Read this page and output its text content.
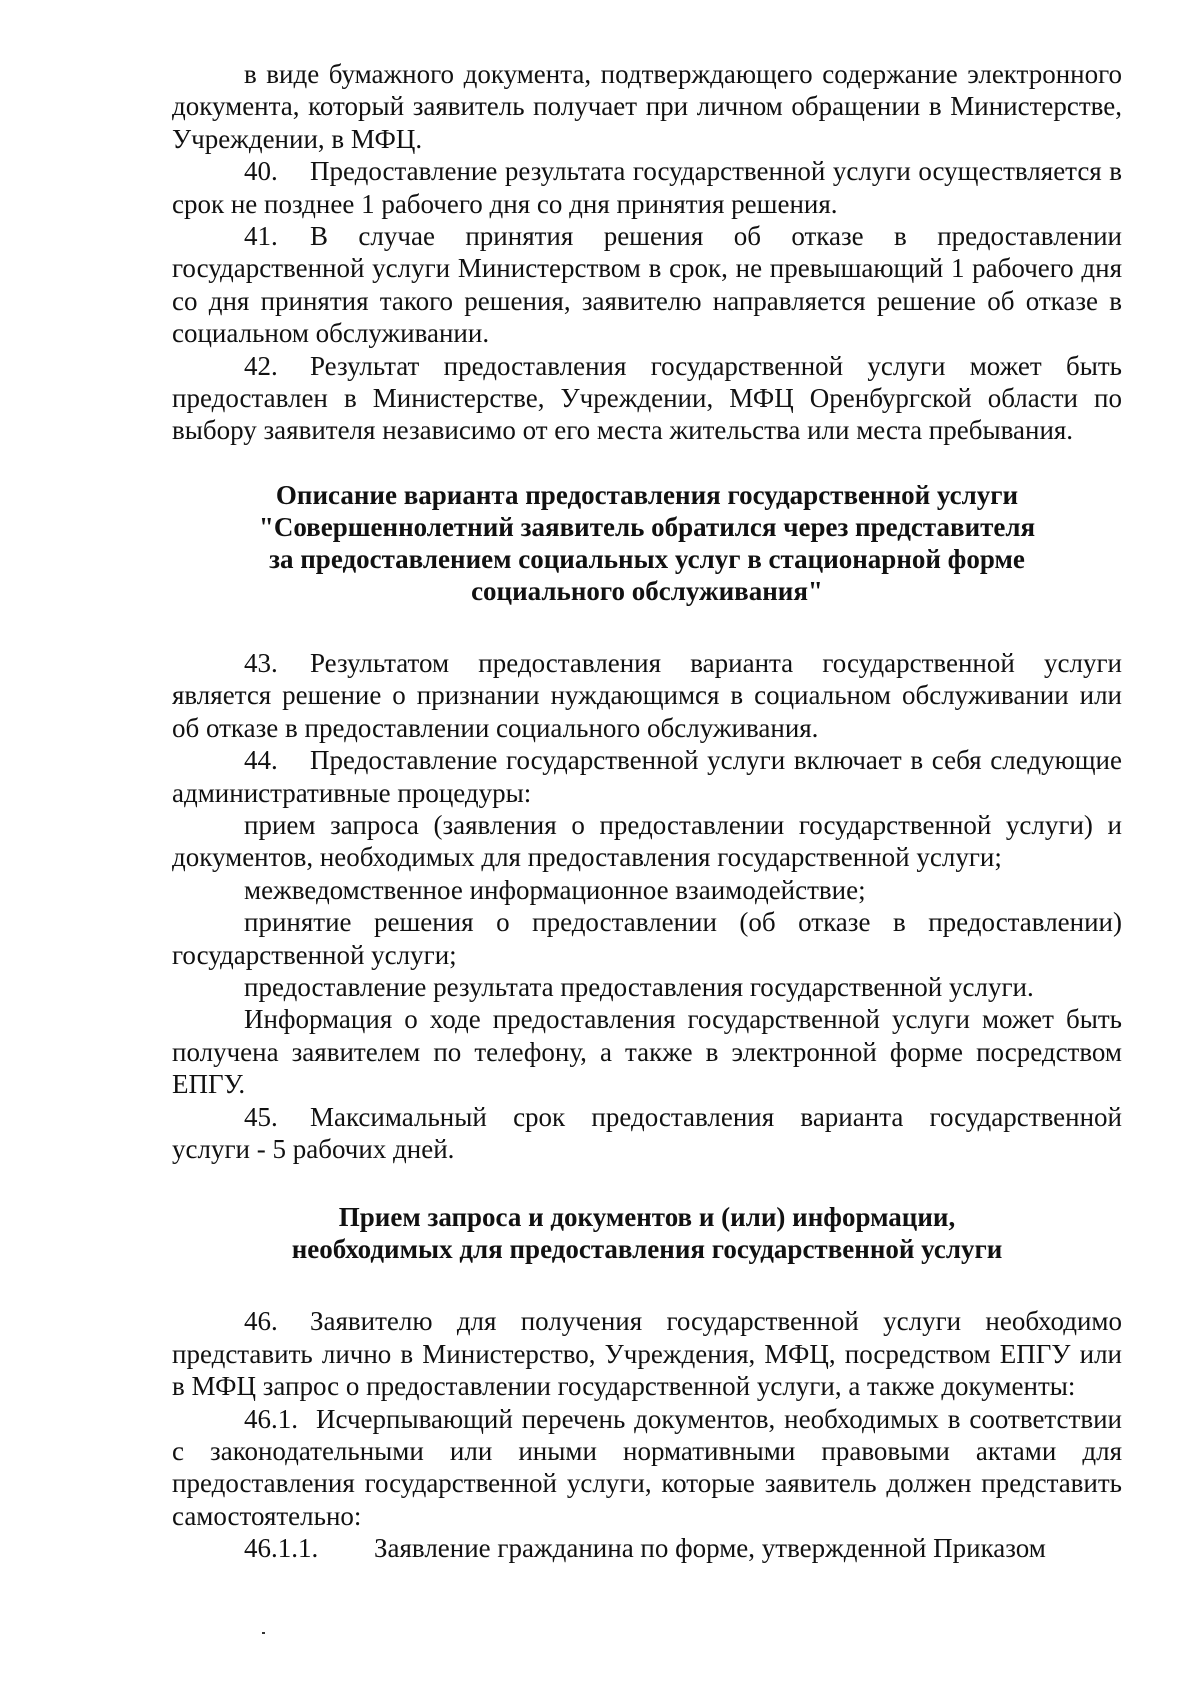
в виде бумажного документа, подтверждающего содержание электронного документа, который заявитель получает при личном обращении в Министерстве, Учреждении, в МФЦ.

40. Предоставление результата государственной услуги осуществляется в срок не позднее 1 рабочего дня со дня принятия решения.

41. В случае принятия решения об отказе в предоставлении государственной услуги Министерством в срок, не превышающий 1 рабочего дня со дня принятия такого решения, заявителю направляется решение об отказе в социальном обслуживании.

42. Результат предоставления государственной услуги может быть предоставлен в Министерстве, Учреждении, МФЦ Оренбургской области по выбору заявителя независимо от его места жительства или места пребывания.

Описание варианта предоставления государственной услуги
"Совершеннолетний заявитель обратился через представителя
за предоставлением социальных услуг в стационарной форме
социального обслуживания"

43. Результатом предоставления варианта государственной услуги является решение о признании нуждающимся в социальном обслуживании или об отказе в предоставлении социального обслуживания.

44. Предоставление государственной услуги включает в себя следующие административные процедуры:

прием запроса (заявления о предоставлении государственной услуги) и документов, необходимых для предоставления государственной услуги;

межведомственное информационное взаимодействие;

принятие решения о предоставлении (об отказе в предоставлении) государственной услуги;

предоставление результата предоставления государственной услуги.

Информация о ходе предоставления государственной услуги может быть получена заявителем по телефону, а также в электронной форме посредством ЕПГУ.

45. Максимальный срок предоставления варианта государственной услуги - 5 рабочих дней.

Прием запроса и документов и (или) информации,
необходимых для предоставления государственной услуги

46. Заявителю для получения государственной услуги необходимо представить лично в Министерство, Учреждения, МФЦ, посредством ЕПГУ или в МФЦ запрос о предоставлении государственной услуги, а также документы:

46.1. Исчерпывающий перечень документов, необходимых в соответствии с законодательными или иными нормативными правовыми актами для предоставления государственной услуги, которые заявитель должен представить самостоятельно:

46.1.1. Заявление гражданина по форме, утвержденной Приказом
